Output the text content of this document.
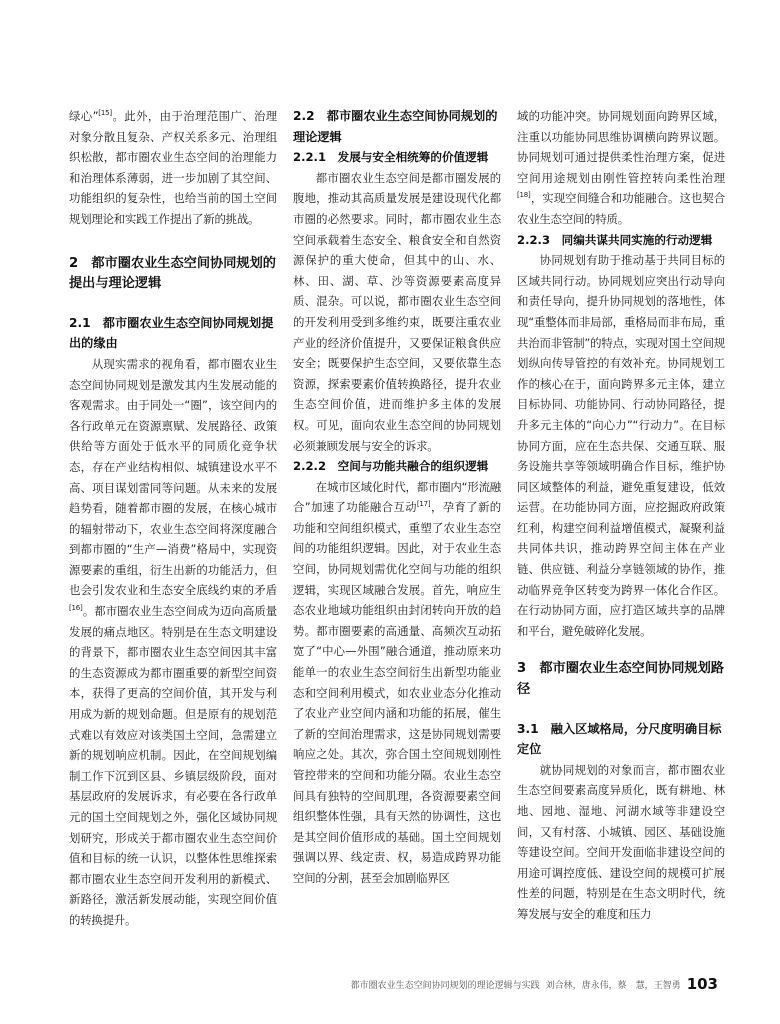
绿心”[15]。此外，由于治理范围广、治理对象分散且复杂、产权关系多元、治理组织松散，都市圈农业生态空间的治理能力和治理体系薄弱，进一步加剧了其空间、功能组织的复杂性，也给当前的国土空间规划理论和实践工作提出了新的挑战。

2　都市圈农业生态空间协同规划的提出与理论逻辑
2.1　都市圈农业生态空间协同规划提出的缘由

从现实需求的视角看，都市圈农业生态空间协同规划是激发其内生发展动能的客观需求。由于同处一“圈”，该空间内的各行政单元在资源禀赋、发展路径、政策供给等方面处于低水平的同质化竞争状态，存在产业结构相似、城镇建设水平不高、项目谋划雷同等问题。从未来的发展趋势看，随着都市圈的发展，在核心城市的辐射带动下，农业生态空间将深度融合到都市圈的“生产—消费”格局中，实现资源要素的重组，衍生出新的功能活力，但也会引发农业和生态安全底线约束的矛盾[16]。都市圈农业生态空间成为迈向高质量发展的痛点地区。特别是在生态文明建设的背景下，都市圈农业生态空间因其丰富的生态资源成为都市圈重要的新型空间资本，获得了更高的空间价值，其开发与利用成为新的规划命题。但是原有的规划范式难以有效应对该类国土空间，急需建立新的规划响应机制。因此，在空间规划编制工作下沉到区县、乡镇层级阶段，面对基层政府的发展诉求，有必要在各行政单元的国土空间规划之外，强化区域协同规划研究，形成关于都市圈农业生态空间价值和目标的统一认识，以整体性思维探索都市圈农业生态空间开发利用的新模式、新路径，激活新发展动能，实现空间价值的转换提升。

2.2　都市圈农业生态空间协同规划的理论逻辑
2.2.1　发展与安全相统筹的价值逻辑

都市圈农业生态空间是都市圈发展的腹地，推动其高质量发展是建设现代化都市圈的必然要求。同时，都市圈农业生态空间承载着生态安全、粮食安全和自然资源保护的重大使命，但其中的山、水、林、田、湖、草、沙等资源要素高度异质、混杂。可以说，都市圈农业生态空间的开发利用受到多维约束，既要注重农业产业的经济价值提升，又要保证粮食供应安全；既要保护生态空间，又要依靠生态资源，探索要素价值转换路径，提升农业生态空间价值，进而维护多主体的发展权。可见，面向农业生态空间的协同规划必须兼顾发展与安全的诉求。

2.2.2　空间与功能共融合的组织逻辑

在城市区域化时代，都市圈内“形流融合”加速了功能融合互动[17]，孕育了新的功能和空间组织模式，重塑了农业生态空间的功能组织逻辑。因此，对于农业生态空间，协同规划需优化空间与功能的组织逻辑，实现区域融合发展。首先，响应生态农业地域功能组织由封闭转向开放的趋势。都市圈要素的高通量、高频次互动拓宽了“中心—外围”融合通道，推动原来功能单一的农业生态空间衍生出新型功能业态和空间利用模式，如农业业态分化推动了农业产业空间内涵和功能的拓展，催生了新的空间治理需求，这是协同规划需要响应之处。其次，弥合国土空间规划刚性管控带来的空间和功能分隔。农业生态空间具有独特的空间肌理，各资源要素空间组织整体性强，具有天然的协调性，这也是其空间价值形成的基础。国土空间规划强调以界、线定责、权，易造成跨界功能空间的分割，甚至会加剧临界区

域的功能冲突。协同规划面向跨界区域，注重以功能协同思维协调横向跨界议题。协同规划可通过提供柔性治理方案，促进空间用途规划由刚性管控转向柔性治理[18]，实现空间缝合和功能融合。这也契合农业生态空间的特质。

2.2.3　同编共谋共同实施的行动逻辑

协同规划有助于推动基于共同目标的区域共同行动。协同规划应突出行动导向和责任导向，提升协同规划的落地性，体现“重整体而非局部，重格局而非布局，重共治而非管制”的特点，实现对国土空间规划纵向传导管控的有效补充。协同规划工作的核心在于，面向跨界多元主体，建立目标协同、功能协同、行动协同路径，提升多元主体的“向心力”“行动力”。在目标协同方面，应在生态共保、交通互联、服务设施共享等领域明确合作目标，维护协同区域整体的利益，避免重复建设，低效运营。在功能协同方面，应挖掘政府政策红利，构建空间利益增值模式，凝聚利益共同体共识，推动跨界空间主体在产业链、供应链、利益分享链领域的协作，推动临界竞争区转变为跨界一体化合作区。在行动协同方面，应打造区域共享的品牌和平台，避免破碎化发展。

3　都市圈农业生态空间协同规划路径
3.1　融入区域格局，分尺度明确目标定位

就协同规划的对象而言，都市圈农业生态空间要素高度异质化，既有耕地、林地、园地、湿地、河湖水域等非建设空间，又有村落、小城镇、园区、基础设施等建设空间。空间开发面临非建设空间的用途可调控度低、建设空间的规模可扩展性差的问题，特别是在生态文明时代，统筹发展与安全的难度和压力

都市圈农业生态空间协同规划的理论逻辑与实践 刘合林，唐永伟，蔡　慧，王智勇 103
